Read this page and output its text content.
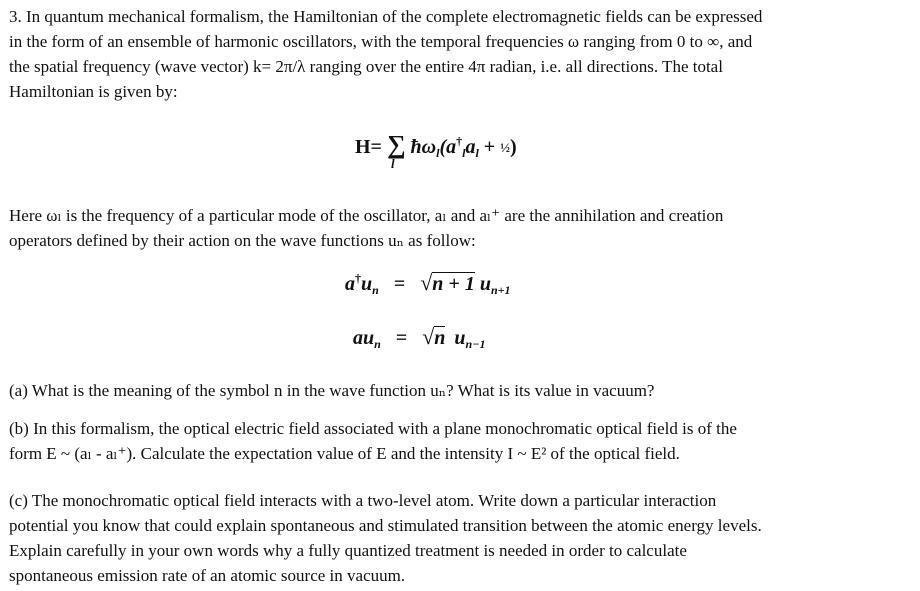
3. In quantum mechanical formalism, the Hamiltonian of the complete electromagnetic fields can be expressed
in the form of an ensemble of harmonic oscillators, with the temporal frequencies ω ranging from 0 to ∞, and
the spatial frequency (wave vector) k= 2π/λ ranging over the entire 4π radian, i.e. all directions. The total
Hamiltonian is given by:
H= ∑
l
$ħ\omega_l(a^\dagger_la_l$ + ½)
Here ωₗ is the frequency of a particular mode of the oscillator, aₗ and aₗ⁺ are the annihilation and creation
operators defined by their action on the wave functions uₙ as follow:
$a^\dagger u_n = √n + 1$ $u_{n+1}$
$au_n = √n$ $u_{n-1}$
(a) What is the meaning of the symbol n in the wave function uₙ? What is its value in vacuum?
(b) In this formalism, the optical electric field associated with a plane monochromatic optical field is of the
form E ~ (aₗ - aₗ⁺). Calculate the expectation value of E and the intensity I ~ E² of the optical field.
(c) The monochromatic optical field interacts with a two-level atom. Write down a particular interaction
potential you know that could explain spontaneous and stimulated transition between the atomic energy levels.
Explain carefully in your own words why a fully quantized treatment is needed in order to calculate
spontaneous emission rate of an atomic source in vacuum.
